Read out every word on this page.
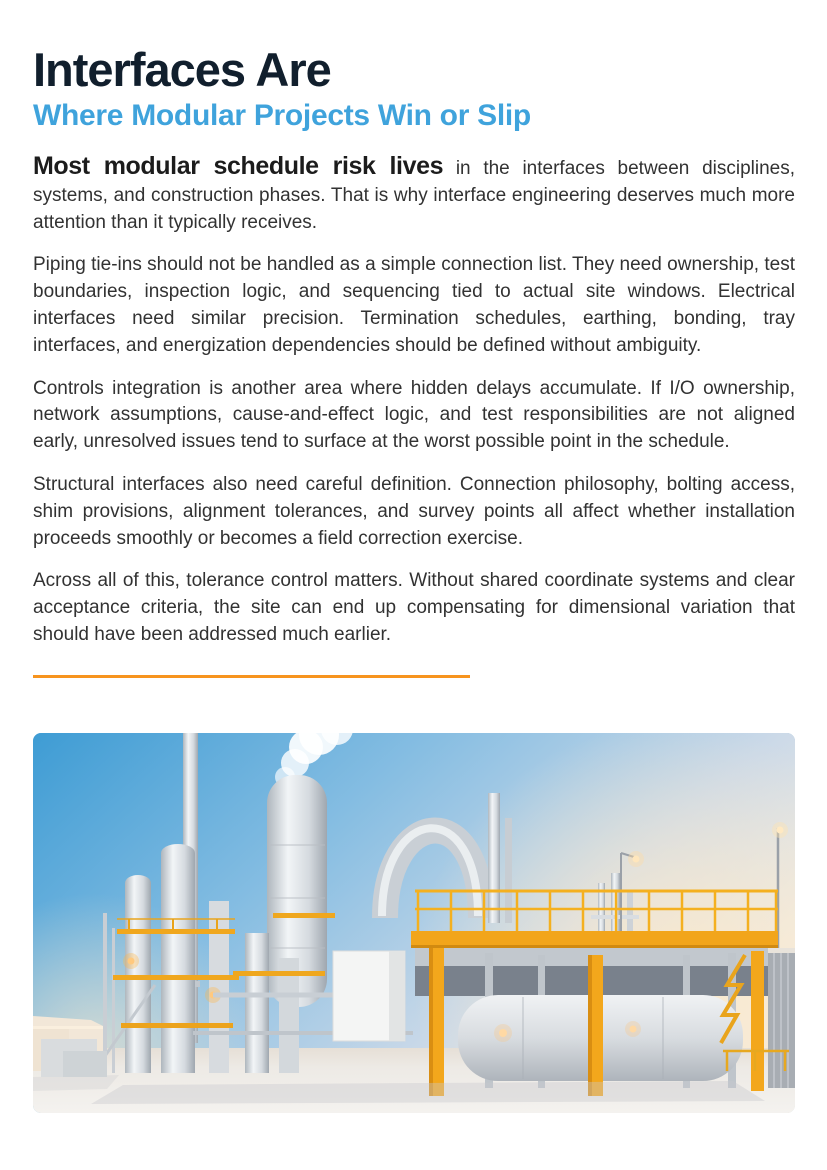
Interfaces Are
Where Modular Projects Win or Slip

Most modular schedule risk lives in the interfaces between disciplines, systems, and construction phases. That is why interface engineering deserves much more attention than it typically receives.

Piping tie-ins should not be handled as a simple connection list. They need ownership, test boundaries, inspection logic, and sequencing tied to actual site windows. Electrical interfaces need similar precision. Termination schedules, earthing, bonding, tray interfaces, and energization dependencies should be defined without ambiguity.

Controls integration is another area where hidden delays accumulate. If I/O ownership, network assumptions, cause-and-effect logic, and test responsibilities are not aligned early, unresolved issues tend to surface at the worst possible point in the schedule.

Structural interfaces also need careful definition. Connection philosophy, bolting access, shim provisions, alignment tolerances, and survey points all affect whether installation proceeds smoothly or becomes a field correction exercise.

Across all of this, tolerance control matters. Without shared coordinate systems and clear acceptance criteria, the site can end up compensating for dimensional variation that should have been addressed much earlier.
